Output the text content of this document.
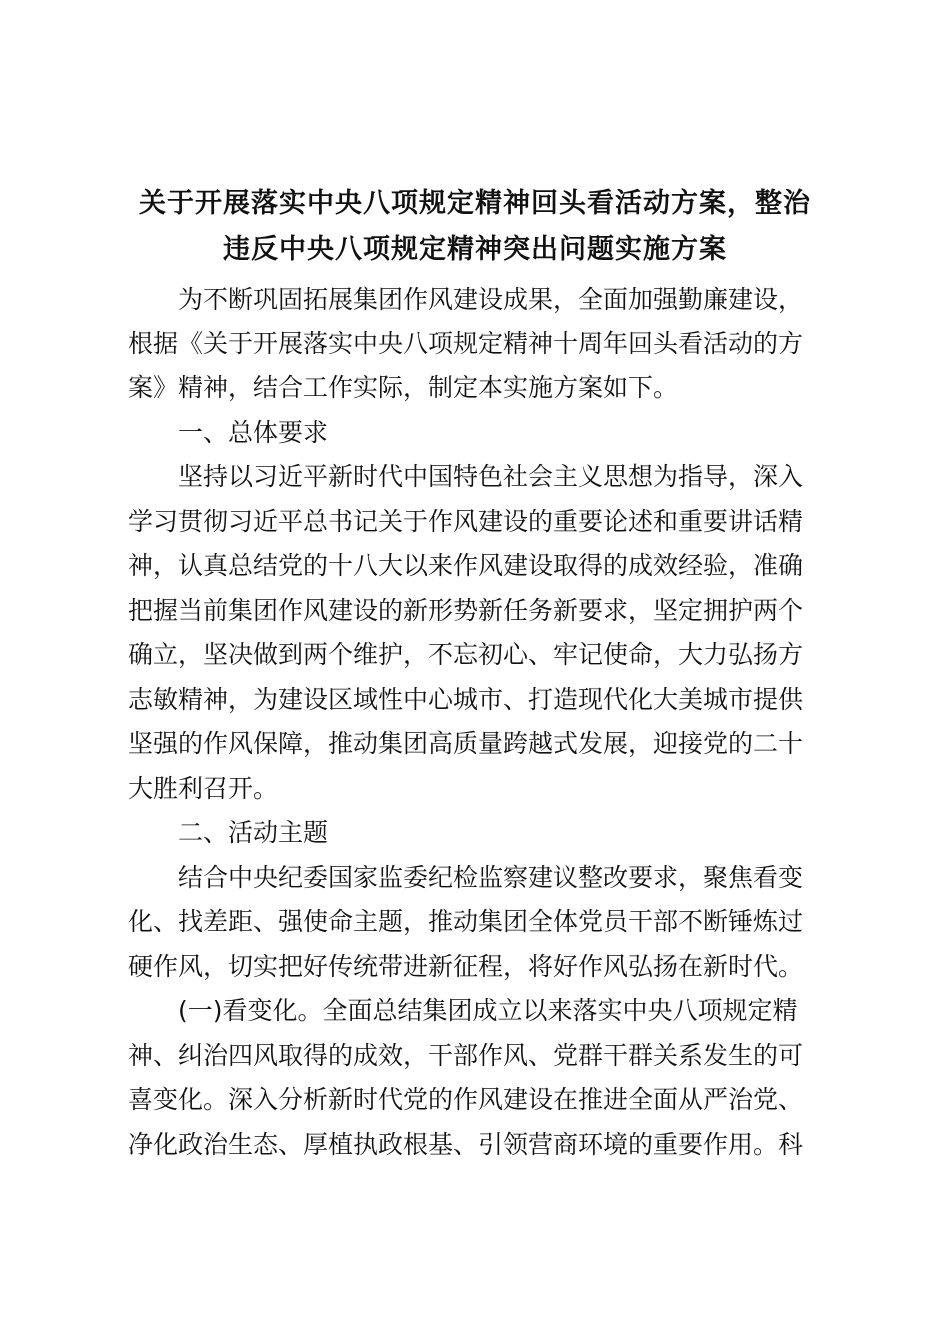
关于开展落实中央八项规定精神回头看活动方案，整治
违反中央八项规定精神突出问题实施方案
为不断巩固拓展集团作风建设成果，全面加强勤廉建设，
根据《关于开展落实中央八项规定精神十周年回头看活动的方
案》精神，结合工作实际，制定本实施方案如下。
一、总体要求
坚持以习近平新时代中国特色社会主义思想为指导，深入
学习贯彻习近平总书记关于作风建设的重要论述和重要讲话精
神，认真总结党的十八大以来作风建设取得的成效经验，准确
把握当前集团作风建设的新形势新任务新要求，坚定拥护两个
确立，坚决做到两个维护，不忘初心、牢记使命，大力弘扬方
志敏精神，为建设区域性中心城市、打造现代化大美城市提供
坚强的作风保障，推动集团高质量跨越式发展，迎接党的二十
大胜利召开。
二、活动主题
结合中央纪委国家监委纪检监察建议整改要求，聚焦看变
化、找差距、强使命主题，推动集团全体党员干部不断锤炼过
硬作风，切实把好传统带进新征程，将好作风弘扬在新时代。
(一)看变化。全面总结集团成立以来落实中央八项规定精
神、纠治四风取得的成效，干部作风、党群干群关系发生的可
喜变化。深入分析新时代党的作风建设在推进全面从严治党、
净化政治生态、厚植执政根基、引领营商环境的重要作用。科
